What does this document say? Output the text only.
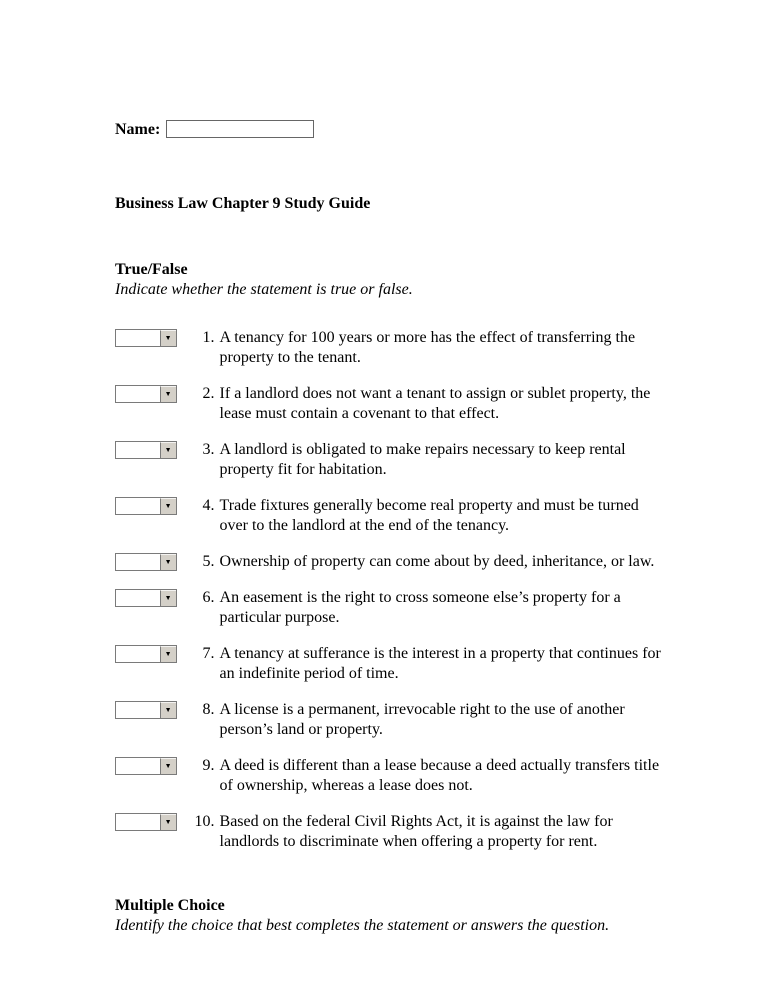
Name:
Business Law Chapter 9 Study Guide
True/False
Indicate whether the statement is true or false.
▼	1. A tenancy for 100 years or more has the effect of transferring the property to the tenant.
▼	2. If a landlord does not want a tenant to assign or sublet property, the lease must contain a covenant to that effect.
▼	3. A landlord is obligated to make repairs necessary to keep rental property fit for habitation.
▼	4. Trade fixtures generally become real property and must be turned over to the landlord at the end of the tenancy.
▼	5. Ownership of property can come about by deed, inheritance, or law.
▼	6. An easement is the right to cross someone else’s property for a particular purpose.
▼	7. A tenancy at sufferance is the interest in a property that continues for an indefinite period of time.
▼	8. A license is a permanent, irrevocable right to the use of another person’s land or property.
▼	9. A deed is different than a lease because a deed actually transfers title of ownership, whereas a lease does not.
▼	10. Based on the federal Civil Rights Act, it is against the law for landlords to discriminate when offering a property for rent.
Multiple Choice
Identify the choice that best completes the statement or answers the question.
